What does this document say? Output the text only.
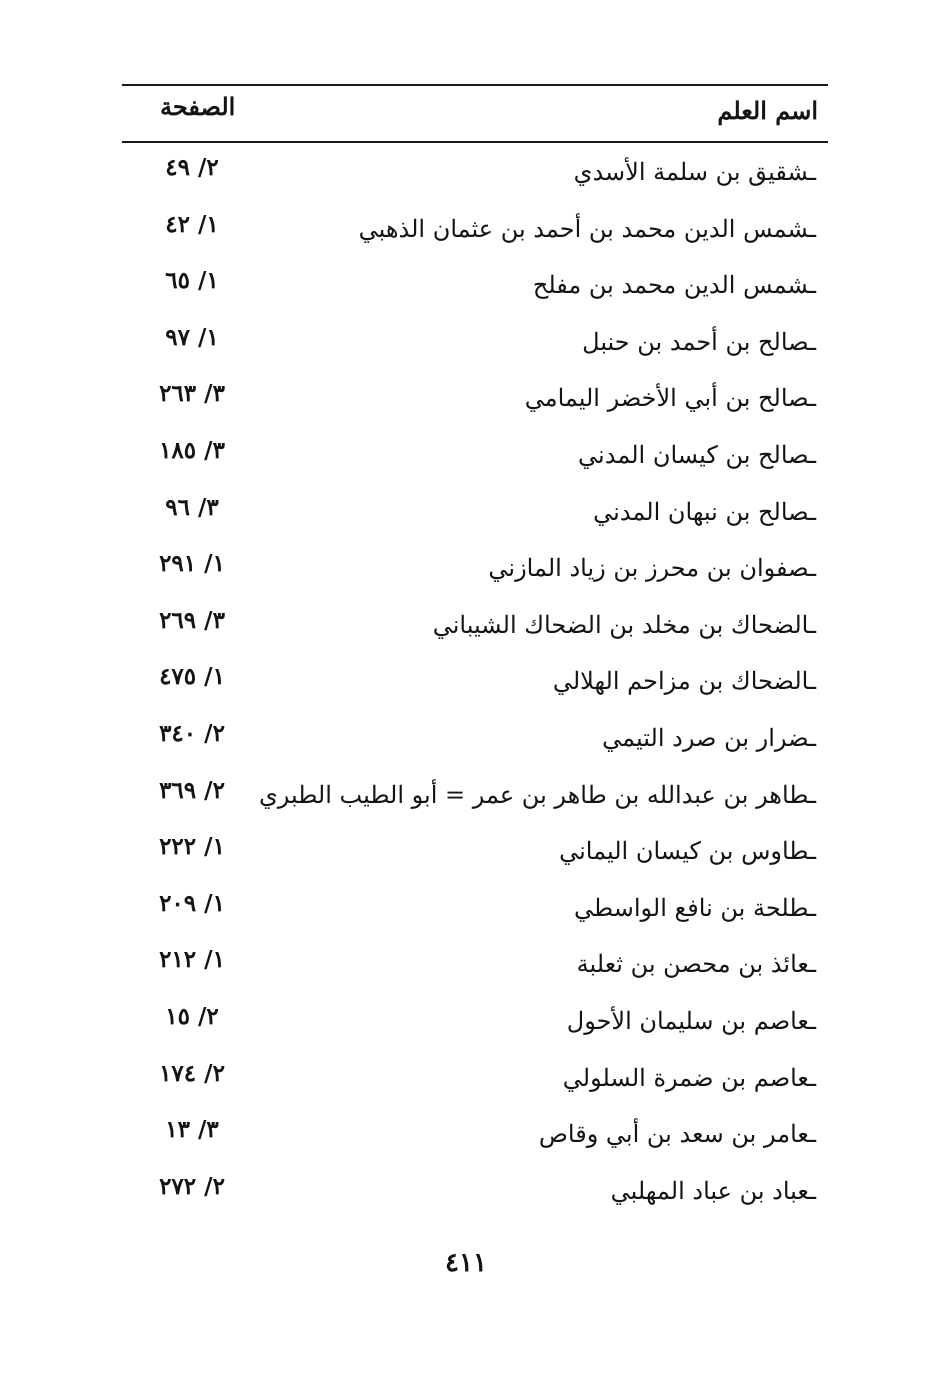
اسم العلم
الصفحة
ـشقيق بن سلمة الأسدي
٢/ ٤٩
ـشمس الدين محمد بن أحمد بن عثمان الذهبي
١/ ٤٢
ـشمس الدين محمد بن مفلح
١/ ٦٥
ـصالح بن أحمد بن حنبل
١/ ٩٧
ـصالح بن أبي الأخضر اليمامي
٣/ ٢٦٣
ـصالح بن كيسان المدني
٣/ ١٨٥
ـصالح بن نبهان المدني
٣/ ٩٦
ـصفوان بن محرز بن زياد المازني
١/ ٢٩١
ـالضحاك بن مخلد بن الضحاك الشيباني
٣/ ٢٦٩
ـالضحاك بن مزاحم الهلالي
١/ ٤٧٥
ـضرار بن صرد التيمي
٢/ ٣٤٠
ـطاهر بن عبدالله بن طاهر بن عمر = أبو الطيب الطبري
٢/ ٣٦٩
ـطاوس بن كيسان اليماني
١/ ٢٢٢
ـطلحة بن نافع الواسطي
١/ ٢٠٩
ـعائذ بن محصن بن ثعلبة
١/ ٢١٢
ـعاصم بن سليمان الأحول
٢/ ١٥
ـعاصم بن ضمرة السلولي
٢/ ١٧٤
ـعامر بن سعد بن أبي وقاص
٣/ ١٣
ـعباد بن عباد المهلبي
٢/ ٢٧٢
٤١١
